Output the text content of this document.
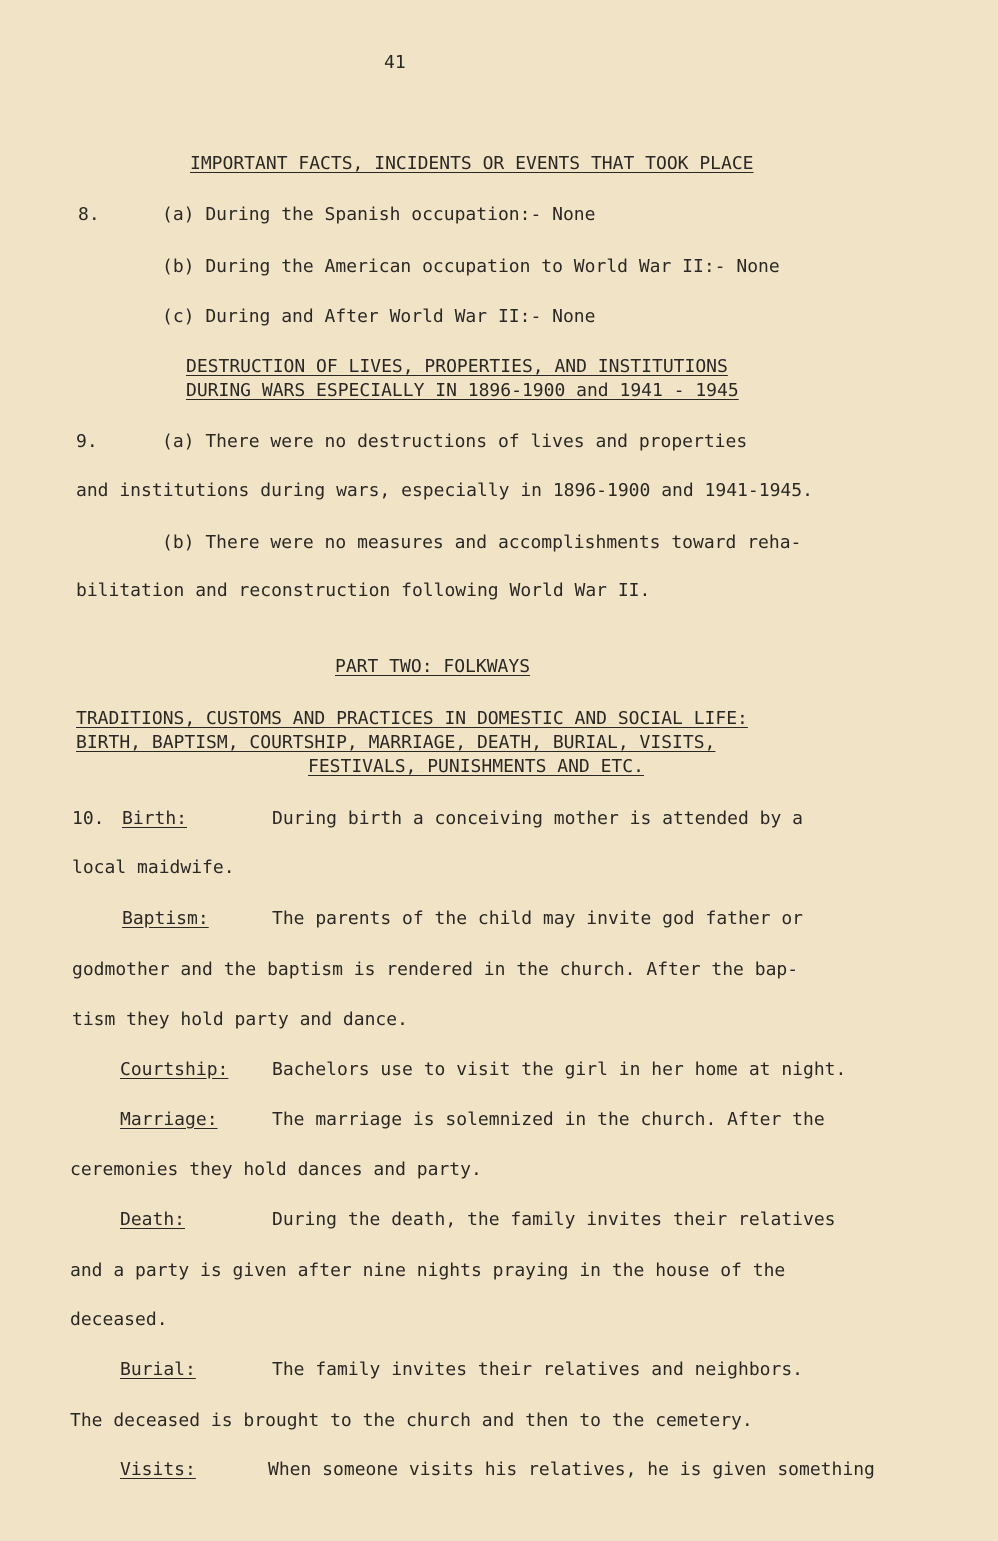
41
IMPORTANT FACTS, INCIDENTS OR EVENTS THAT TOOK PLACE
8.	(a) During the Spanish occupation:- None
(b) During the American occupation to World War II:- None
(c) During and After World War II:- None
DESTRUCTION OF LIVES, PROPERTIES, AND INSTITUTIONS
DURING WARS ESPECIALLY IN 1896-1900 and 1941 - 1945
9.	(a) There were no destructions of lives and properties
and institutions during wars, especially in 1896-1900 and 1941-1945.
(b) There were no measures and accomplishments toward reha-
bilitation and reconstruction following World War II.
PART TWO: FOLKWAYS
TRADITIONS, CUSTOMS AND PRACTICES IN DOMESTIC AND SOCIAL LIFE:
BIRTH, BAPTISM, COURTSHIP, MARRIAGE, DEATH, BURIAL, VISITS,
FESTIVALS, PUNISHMENTS AND ETC.
10. Birth:	During birth a conceiving mother is attended by a
local maidwife.
Baptism:	The parents of the child may invite god father or
godmother and the baptism is rendered in the church. After the bap-
tism they hold party and dance.
Courtship: Bachelors use to visit the girl in her home at night.
Marriage:	The marriage is solemnized in the church. After the
ceremonies they hold dances and party.
Death:	During the death, the family invites their relatives
and a party is given after nine nights praying in the house of the
deceased.
Burial:	The family invites their relatives and neighbors.
The deceased is brought to the church and then to the cemetery.
Visits:	When someone visits his relatives, he is given something
